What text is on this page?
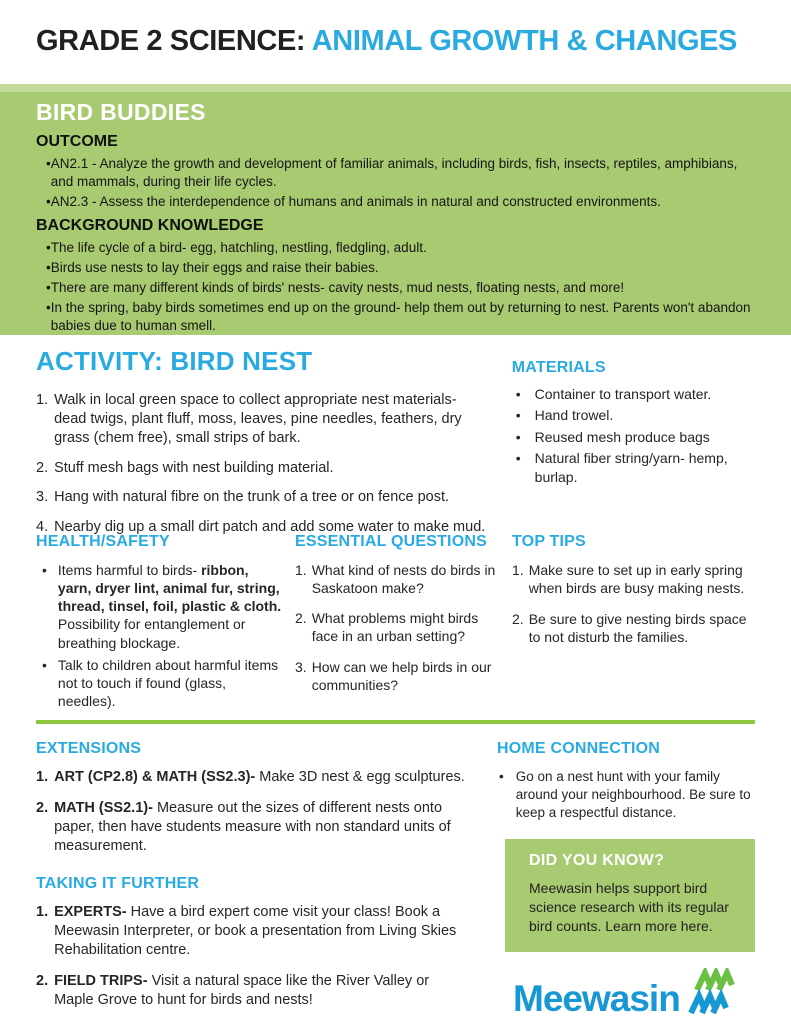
GRADE 2 SCIENCE: ANIMAL GROWTH & CHANGES
BIRD BUDDIES
OUTCOME
• AN2.1 - Analyze the growth and development of familiar animals, including birds, fish, insects, reptiles, amphibians, and mammals, during their life cycles.
• AN2.3 - Assess the interdependence of humans and animals in natural and constructed environments.
BACKGROUND KNOWLEDGE
• The life cycle of a bird- egg, hatchling, nestling, fledgling, adult.
• Birds use nests to lay their eggs and raise their babies.
• There are many different kinds of birds' nests- cavity nests, mud nests, floating nests, and more!
• In the spring, baby birds sometimes end up on the ground- help them out by returning to nest. Parents won't abandon babies due to human smell.
ACTIVITY: BIRD NEST
1. Walk in local green space to collect appropriate nest materials- dead twigs, plant fluff, moss, leaves, pine needles, feathers, dry grass (chem free), small strips of bark.
2. Stuff mesh bags with nest building material.
3. Hang with natural fibre on the trunk of a tree or on fence post.
4. Nearby dig up a small dirt patch and add some water to make mud.
MATERIALS
• Container to transport water.
• Hand trowel.
• Reused mesh produce bags
• Natural fiber string/yarn- hemp, burlap.
HEALTH/SAFETY
• Items harmful to birds- ribbon, yarn, dryer lint, animal fur, string, thread, tinsel, foil, plastic & cloth. Possibility for entanglement or breathing blockage.
• Talk to children about harmful items not to touch if found (glass, needles).
ESSENTIAL QUESTIONS
1. What kind of nests do birds in Saskatoon make?
2. What problems might birds face in an urban setting?
3. How can we help birds in our communities?
TOP TIPS
1. Make sure to set up in early spring when birds are busy making nests.
2. Be sure to give nesting birds space to not disturb the families.
EXTENSIONS
1. ART (CP2.8) & MATH (SS2.3)- Make 3D nest & egg sculptures.
2. MATH (SS2.1)- Measure out the sizes of different nests onto paper, then have students measure with non standard units of measurement.
TAKING IT FURTHER
1. EXPERTS- Have a bird expert come visit your class! Book a Meewasin Interpreter, or book a presentation from Living Skies Rehabilitation centre.
2. FIELD TRIPS- Visit a natural space like the River Valley or Maple Grove to hunt for birds and nests!
HOME CONNECTION
• Go on a nest hunt with your family around your neighbourhood. Be sure to keep a respectful distance.
DID YOU KNOW?

Meewasin helps support bird science research with its regular bird counts. Learn more here.

Meewasin
